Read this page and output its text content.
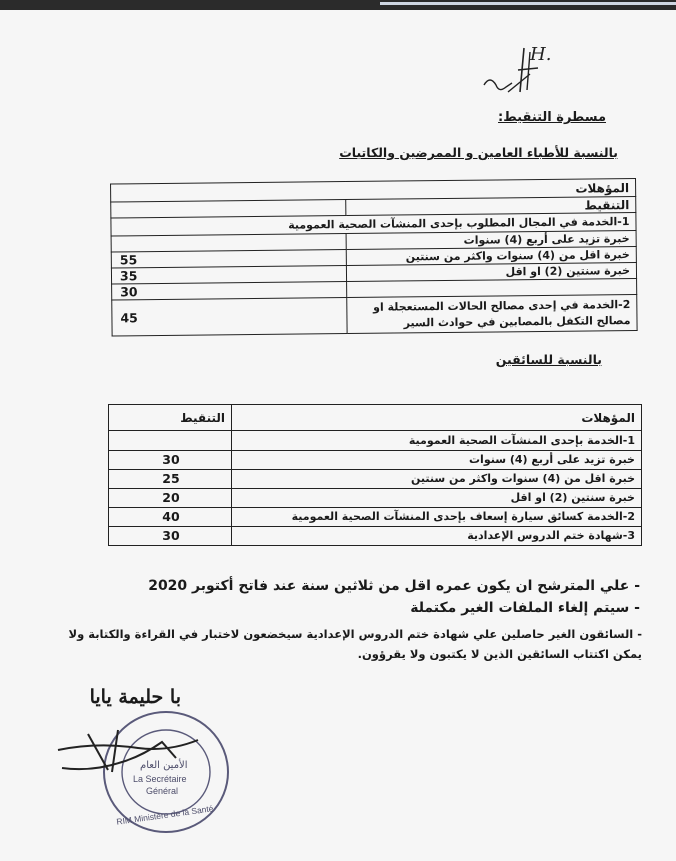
H.
مسطرة التنقيط:
بالنسبة للأطباء العامين و الممرضين والكاتبات
المؤهلات	
	التنقيط
1-الخدمة في المجال المطلوب بإحدى المنشآت الصحية العمومية	
	خبرة تزيد على أربع (4) سنوات
55	خبرة اقل من (4) سنوات واكثر من سنتين
35	خبرة سنتين (2) او اقل
30	
45	2-الخدمة في إحدى مصالح الحالات المستعجلة او مصالح التكفل بالمصابين في حوادث السير
بالنسبة للسائقين
التنقيط	المؤهلات
	1-الخدمة بإحدى المنشآت الصحية العمومية
30	خبرة تزيد على أربع (4) سنوات
25	خبرة اقل من (4) سنوات واكثر من سنتين
20	خبرة سنتين (2) او اقل
40	2-الخدمة كسائق سيارة إسعاف بإحدى المنشآت الصحية العمومية
30	3-شهادة ختم الدروس الإعدادية
- علي المترشح ان يكون عمره اقل من ثلاثين سنة عند فاتح أكتوبر 2020
- سيتم إلغاء الملفات الغير مكتملة
- السائقون الغير حاصلين علي شهادة ختم الدروس الإعدادية سيخضعون لاختبار في القراءة والكتابة ولا يمكن اكتتاب السائقين الذين لا يكتبون ولا يقرؤون.
با حليمة يايا
الأمين العام
La Secrétaire
Général
RIM Ministère de la Santé
